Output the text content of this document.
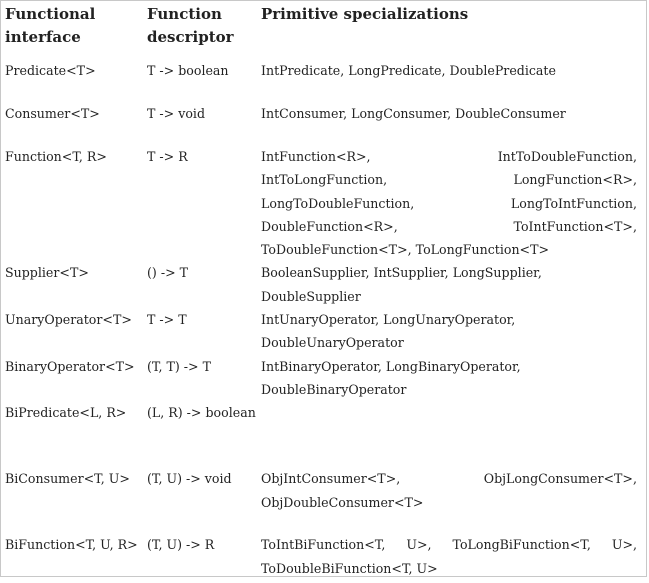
Functional interface	Function descriptor	Primitive specializations
Predicate<T>	T -> boolean	IntPredicate, LongPredicate, DoublePredicate
Consumer<T>	T -> void	IntConsumer, LongConsumer, DoubleConsumer
Function<T, R>	T -> R	IntFunction<R>, IntToDoubleFunction, IntToLongFunction, LongFunction<R>, LongToDoubleFunction, LongToIntFunction, DoubleFunction<R>, ToIntFunction<T>, ToDoubleFunction<T>, ToLongFunction<T>
Supplier<T>	() -> T	BooleanSupplier, IntSupplier, LongSupplier, DoubleSupplier
UnaryOperator<T>	T -> T	IntUnaryOperator, LongUnaryOperator, DoubleUnaryOperator
BinaryOperator<T>	(T, T) -> T	IntBinaryOperator, LongBinaryOperator, DoubleBinaryOperator
BiPredicate<L, R>	(L, R) -> boolean	
BiConsumer<T, U>	(T, U) -> void	ObjIntConsumer<T>, ObjLongConsumer<T>, ObjDoubleConsumer<T>
BiFunction<T, U, R>	(T, U) -> R	ToIntBiFunction<T, U>, ToLongBiFunction<T, U>, ToDoubleBiFunction<T, U>
